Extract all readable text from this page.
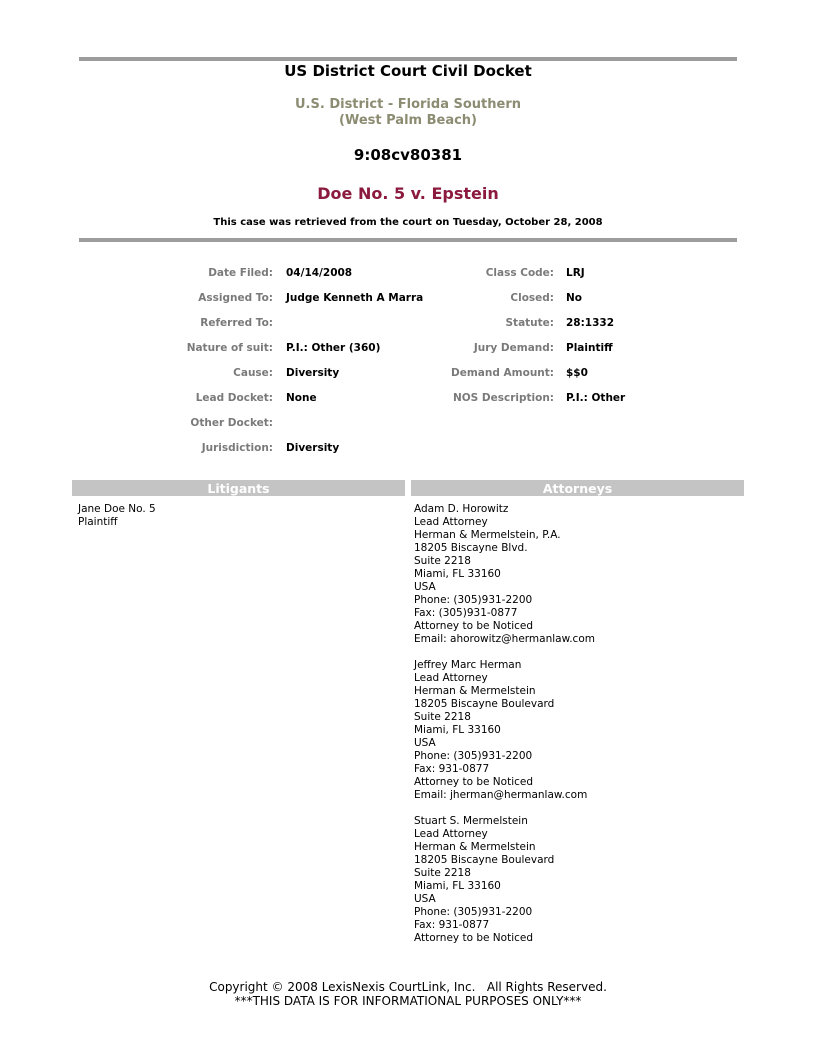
US District Court Civil Docket
U.S. District - Florida Southern
(West Palm Beach)
9:08cv80381
Doe No. 5 v. Epstein
This case was retrieved from the court on Tuesday, October 28, 2008
Date Filed:
Assigned To:
Referred To:
Nature of suit:
Cause:
Lead Docket:
Other Docket:
Jurisdiction:
04/14/2008
Judge Kenneth A Marra
P.I.: Other (360)
Diversity
None
Diversity
Class Code:
Closed:
Statute:
Jury Demand:
Demand Amount:
NOS Description:
LRJ
No
28:1332
Plaintiff
$$0
P.I.: Other
Litigants	Attorneys
Jane Doe No. 5
Plaintiff
Adam D. Horowitz
Lead Attorney
Herman & Mermelstein, P.A.
18205 Biscayne Blvd.
Suite 2218
Miami, FL 33160
USA
Phone: (305)931-2200
Fax: (305)931-0877
Attorney to be Noticed
Email: ahorowitz@hermanlaw.com
Jeffrey Marc Herman
Lead Attorney
Herman & Mermelstein
18205 Biscayne Boulevard
Suite 2218
Miami, FL 33160
USA
Phone: (305)931-2200
Fax: 931-0877
Attorney to be Noticed
Email: jherman@hermanlaw.com
Stuart S. Mermelstein
Lead Attorney
Herman & Mermelstein
18205 Biscayne Boulevard
Suite 2218
Miami, FL 33160
USA
Phone: (305)931-2200
Fax: 931-0877
Attorney to be Noticed
Copyright © 2008 LexisNexis CourtLink, Inc.   All Rights Reserved.
***THIS DATA IS FOR INFORMATIONAL PURPOSES ONLY***
